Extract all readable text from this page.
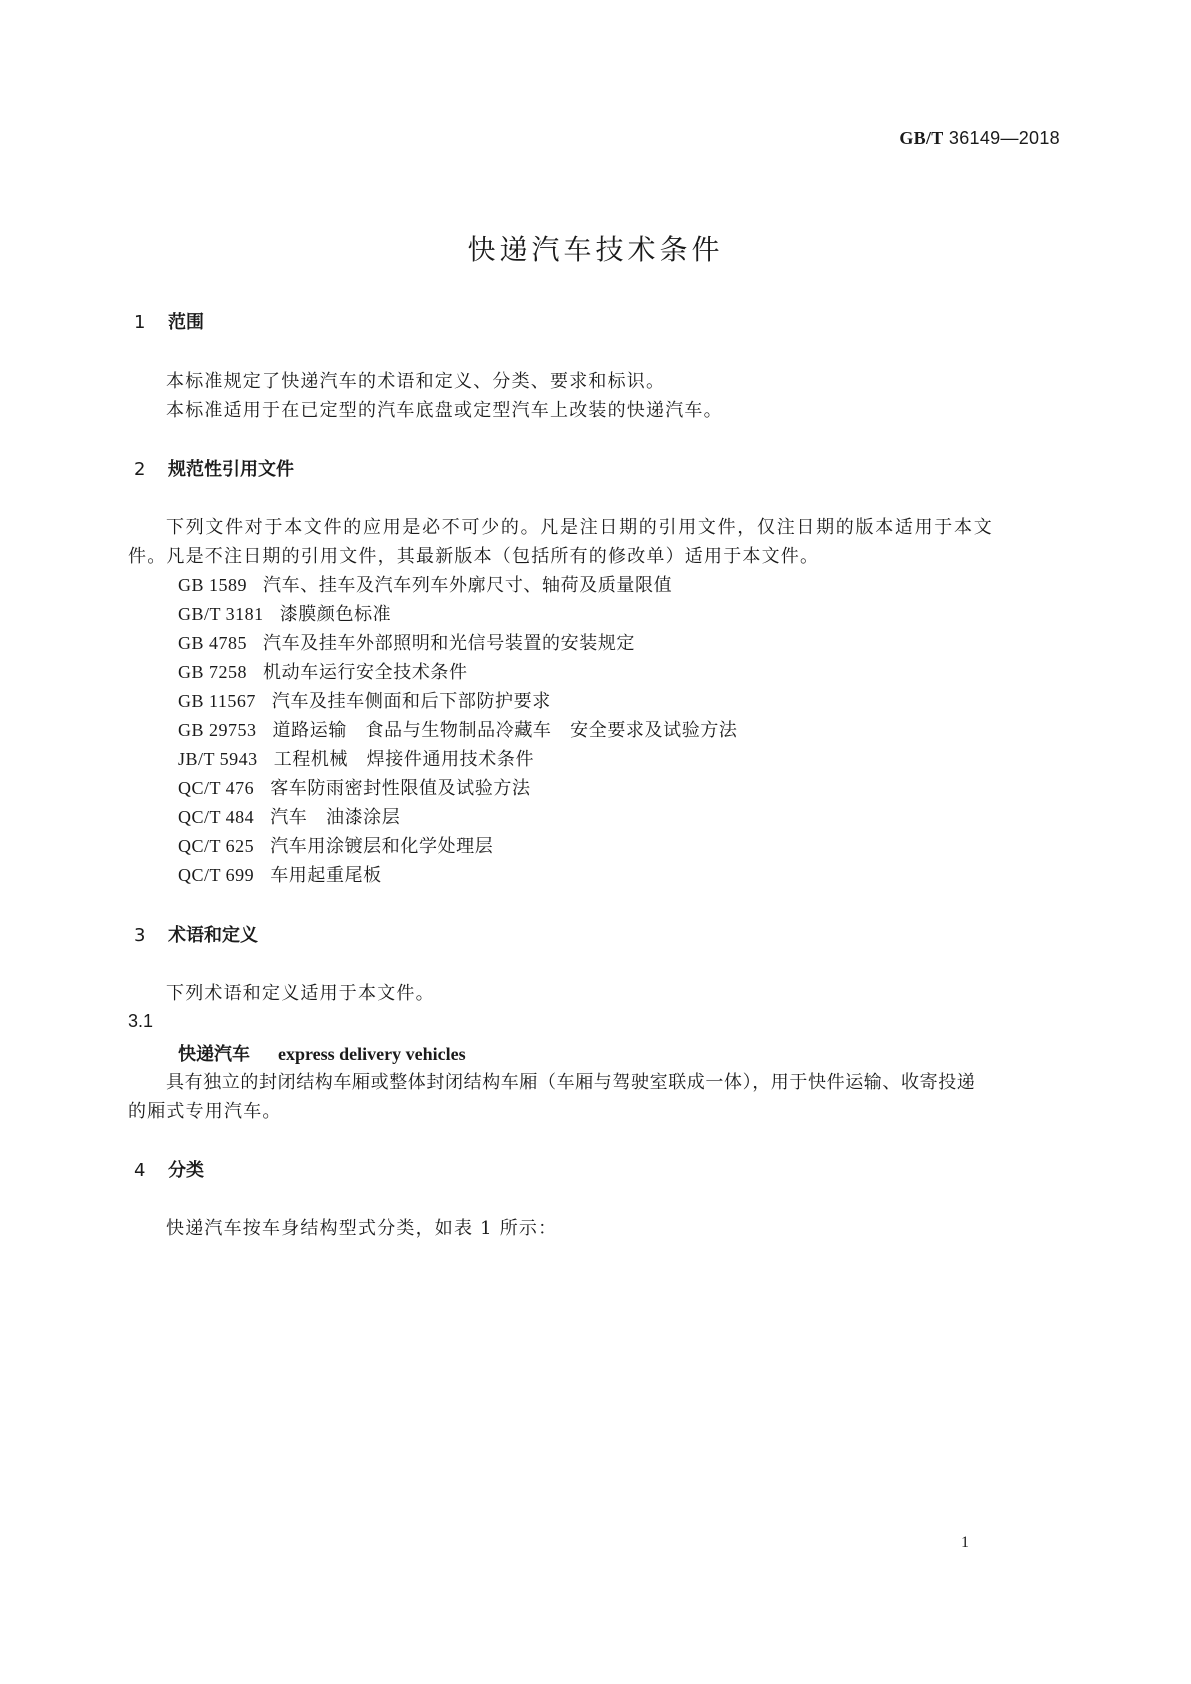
GB/T 36149—2018
快递汽车技术条件
1 范围
本标准规定了快递汽车的术语和定义、分类、要求和标识。
本标准适用于在已定型的汽车底盘或定型汽车上改装的快递汽车。
2 规范性引用文件
下列文件对于本文件的应用是必不可少的。凡是注日期的引用文件，仅注日期的版本适用于本文
件。凡是不注日期的引用文件，其最新版本（包括所有的修改单）适用于本文件。
GB 1589 汽车、挂车及汽车列车外廓尺寸、轴荷及质量限值
GB/T 3181 漆膜颜色标准
GB 4785 汽车及挂车外部照明和光信号装置的安装规定
GB 7258 机动车运行安全技术条件
GB 11567 汽车及挂车侧面和后下部防护要求
GB 29753 道路运输　食品与生物制品冷藏车　安全要求及试验方法
JB/T 5943 工程机械　焊接件通用技术条件
QC/T 476 客车防雨密封性限值及试验方法
QC/T 484 汽车　油漆涂层
QC/T 625 汽车用涂镀层和化学处理层
QC/T 699 车用起重尾板
3 术语和定义
下列术语和定义适用于本文件。
3.1
快递汽车 express delivery vehicles
具有独立的封闭结构车厢或整体封闭结构车厢（车厢与驾驶室联成一体），用于快件运输、收寄投递
的厢式专用汽车。
4 分类
快递汽车按车身结构型式分类，如表 1 所示：
1
